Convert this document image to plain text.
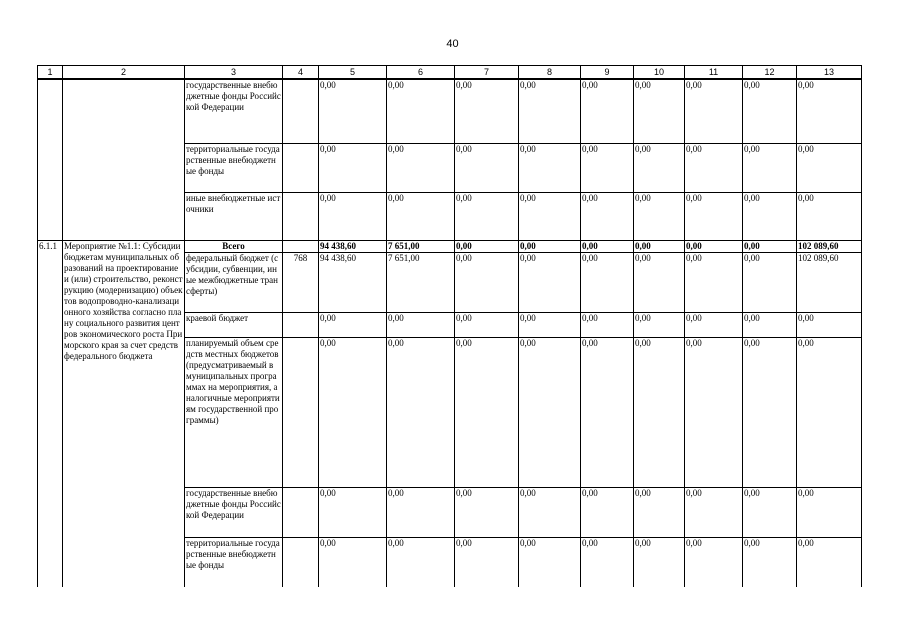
40
1	2	3	4	5	6	7	8	9	10	11	12	13
		государственные внебюджетные фонды Российской Федерации		0,00	0,00	0,00	0,00	0,00	0,00	0,00	0,00	0,00
		территориальные государственные внебюджетные фонды		0,00	0,00	0,00	0,00	0,00	0,00	0,00	0,00	0,00
		иные внебюджетные источники		0,00	0,00	0,00	0,00	0,00	0,00	0,00	0,00	0,00
6.1.1	Мероприятие №1.1: Субсидии бюджетам муниципальных образований на проектирование и (или) строительство, реконструкцию (модернизацию) объектов водопроводно-канализационного хозяйства согласно плану социального развития центров экономического роста Приморского края за счет средств федерального бюджета	Всего		94 438,60	7 651,00	0,00	0,00	0,00	0,00	0,00	0,00	102 089,60
		федеральный бюджет (субсидии, субвенции, иные межбюджетные трансферты)	768	94 438,60	7 651,00	0,00	0,00	0,00	0,00	0,00	0,00	102 089,60
		краевой бюджет		0,00	0,00	0,00	0,00	0,00	0,00	0,00	0,00	0,00
		планируемый объем средств местных бюджетов (предусматриваемый в муниципальных программах на мероприятия, аналогичные мероприятиям государственной программы)		0,00	0,00	0,00	0,00	0,00	0,00	0,00	0,00	0,00
		государственные внебюджетные фонды Российской Федерации		0,00	0,00	0,00	0,00	0,00	0,00	0,00	0,00	0,00
		территориальные государственные внебюджетные фонды		0,00	0,00	0,00	0,00	0,00	0,00	0,00	0,00	0,00
